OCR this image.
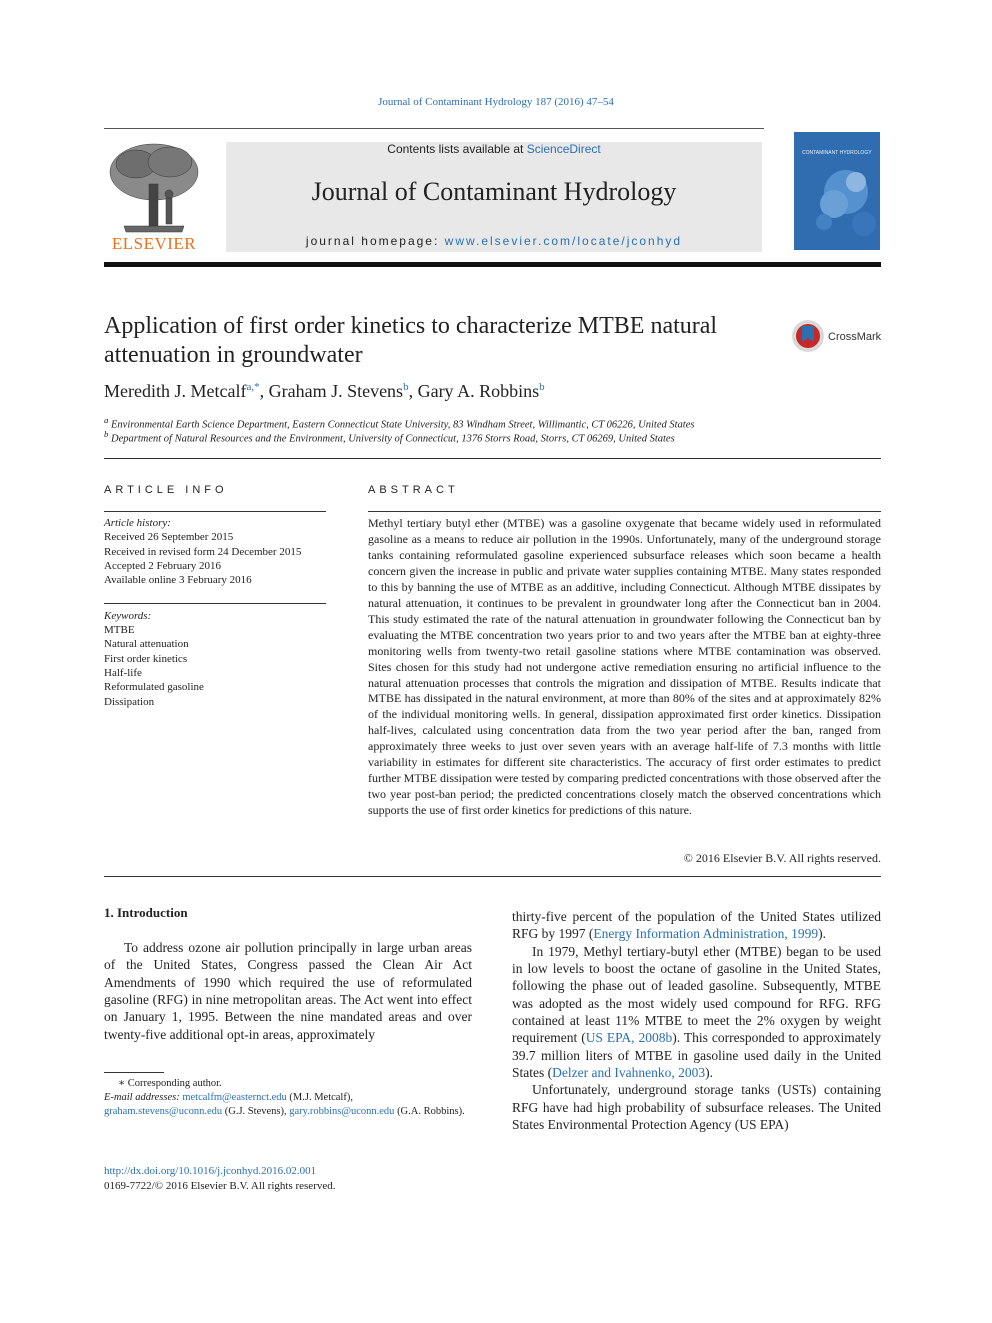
Journal of Contaminant Hydrology 187 (2016) 47–54
ELSEVIER
Contents lists available at ScienceDirect
Journal of Contaminant Hydrology
journal homepage: www.elsevier.com/locate/jconhyd
CONTAMINANT HYDROLOGY
Application of first order kinetics to characterize MTBE natural attenuation in groundwater
CrossMark
Meredith J. Metcalf$^{a,*}$, Graham J. Stevens$^b$, Gary A. Robbins$^b$
$^a$ Environmental Earth Science Department, Eastern Connecticut State University, 83 Windham Street, Willimantic, CT 06226, United States
$^b$ Department of Natural Resources and the Environment, University of Connecticut, 1376 Storrs Road, Storrs, CT 06269, United States
ARTICLE INFO	ABSTRACT
Article history:
Received 26 September 2015
Received in revised form 24 December 2015
Accepted 2 February 2016
Available online 3 February 2016
Keywords:
MTBE
Natural attenuation
First order kinetics
Half-life
Reformulated gasoline
Dissipation
Methyl tertiary butyl ether (MTBE) was a gasoline oxygenate that became widely used in reformulated gasoline as a means to reduce air pollution in the 1990s. Unfortunately, many of the underground storage tanks containing reformulated gasoline experienced subsurface releases which soon became a health concern given the increase in public and private water supplies containing MTBE. Many states responded to this by banning the use of MTBE as an additive, including Connecticut. Although MTBE dissipates by natural attenuation, it continues to be prevalent in groundwater long after the Connecticut ban in 2004. This study estimated the rate of the natural attenuation in groundwater following the Connecticut ban by evaluating the MTBE concentration two years prior to and two years after the MTBE ban at eighty-three monitoring wells from twenty-two retail gasoline stations where MTBE contamination was observed. Sites chosen for this study had not undergone active remediation ensuring no artificial influence to the natural attenuation processes that controls the migration and dissipation of MTBE. Results indicate that MTBE has dissipated in the natural environment, at more than 80% of the sites and at approximately 82% of the individual monitoring wells. In general, dissipation approximated first order kinetics. Dissipation half-lives, calculated using concentration data from the two year period after the ban, ranged from approximately three weeks to just over seven years with an average half-life of 7.3 months with little variability in estimates for different site characteristics. The accuracy of first order estimates to predict further MTBE dissipation were tested by comparing predicted concentrations with those observed after the two year post-ban period; the predicted concentrations closely match the observed concentrations which supports the use of first order kinetics for predictions of this nature.
© 2016 Elsevier B.V. All rights reserved.
1. Introduction

To address ozone air pollution principally in large urban areas of the United States, Congress passed the Clean Air Act Amendments of 1990 which required the use of reformulated gasoline (RFG) in nine metropolitan areas. The Act went into effect on January 1, 1995. Between the nine mandated areas and over twenty-five additional opt-in areas, approximately

thirty-five percent of the population of the United States utilized RFG by 1997 (Energy Information Administration, 1999).

In 1979, Methyl tertiary-butyl ether (MTBE) began to be used in low levels to boost the octane of gasoline in the United States, following the phase out of leaded gasoline. Subsequently, MTBE was adopted as the most widely used compound for RFG. RFG contained at least 11% MTBE to meet the 2% oxygen by weight requirement (US EPA, 2008b). This corresponded to approximately 39.7 million liters of MTBE in gasoline used daily in the United States (Delzer and Ivahnenko, 2003).

Unfortunately, underground storage tanks (USTs) containing RFG have had high probability of subsurface releases. The United States Environmental Protection Agency (US EPA)

∗ Corresponding author.
E-mail addresses: metcalfm@easternct.edu (M.J. Metcalf), graham.stevens@uconn.edu (G.J. Stevens), gary.robbins@uconn.edu (G.A. Robbins).
http://dx.doi.org/10.1016/j.jconhyd.2016.02.001
0169-7722/© 2016 Elsevier B.V. All rights reserved.
